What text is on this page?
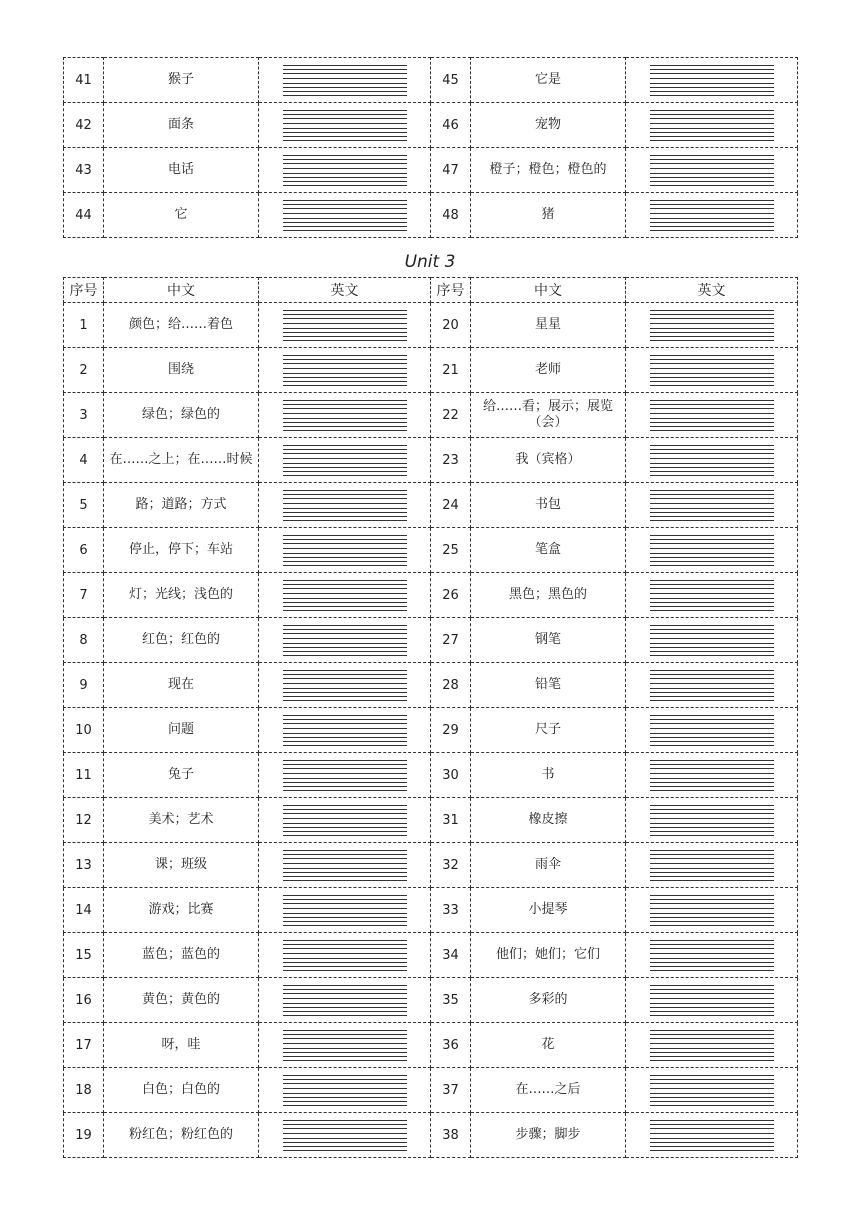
41	猴子		45	它是	

42	面条		46	宠物	

43	电话		47	橙子；橙色；橙色的	

44	它		48	猪	
Unit 3
序号	中文	英文	序号	中文	英文
1	颜色；给……着色		20	星星	

2	围绕		21	老师	

3	绿色；绿色的		22	给……看；展示；展览（会）	

4	在……之上；在……时候		23	我（宾格）	

5	路；道路；方式		24	书包	

6	停止，停下；车站		25	笔盒	

7	灯；光线；浅色的		26	黑色；黑色的	

8	红色；红色的		27	钢笔	

9	现在		28	铅笔	

10	问题		29	尺子	

11	兔子		30	书	

12	美术；艺术		31	橡皮擦	

13	课；班级		32	雨伞	

14	游戏；比赛		33	小提琴	

15	蓝色；蓝色的		34	他们；她们；它们	

16	黄色；黄色的		35	多彩的	

17	呀，哇		36	花	

18	白色；白色的		37	在……之后	

19	粉红色；粉红色的		38	步骤；脚步	
